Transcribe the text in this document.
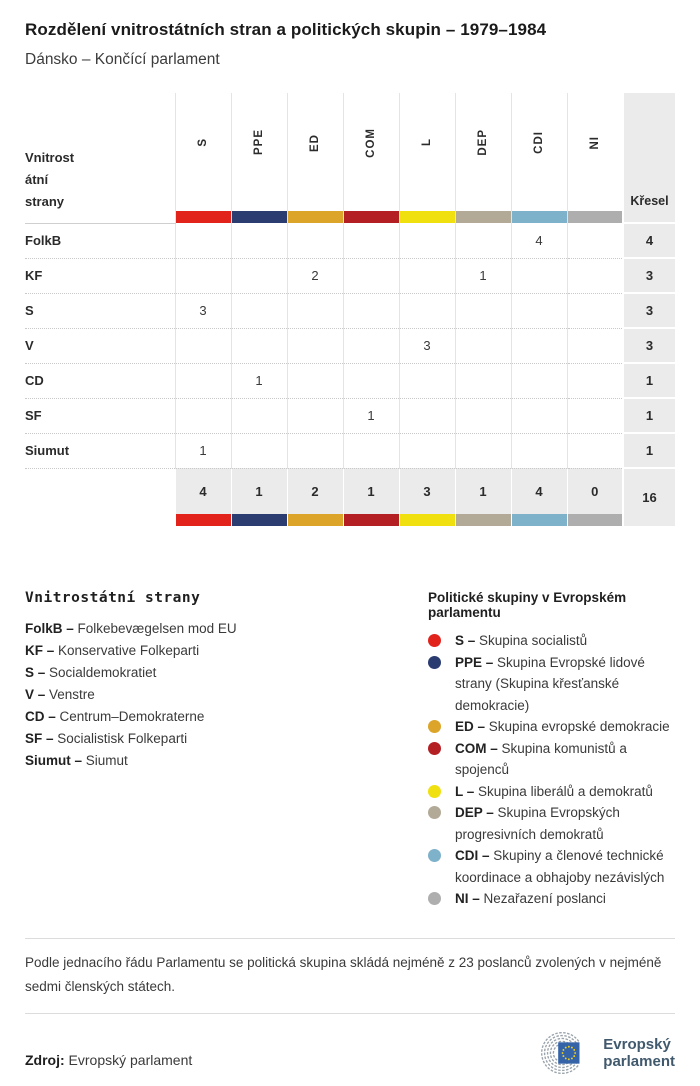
Rozdělení vnitrostátních stran a politických skupin – 1979–1984
Dánsko – Končící parlament
Vnitrost
átní
strany	S	PPE	ED	COM	L	DEP	CDI	NI	Křesel

FolkB							4		4
KF			2			1			3
S	3								3
V					3				3
CD		1							1
SF				1					1
Siumut	1								1
	4	1	2	1	3	1	4	0	16

Vnitrostátní strany
FolkB – Folkebevægelsen mod EU
KF – Konservative Folkeparti
S – Socialdemokratiet
V – Venstre
CD – Centrum–Demokraterne
SF – Socialistisk Folkeparti
Siumut – Siumut
Politické skupiny v Evropském parlamentu
S – Skupina socialistů
PPE – Skupina Evropské lidové strany (Skupina křesťanské demokracie)
ED – Skupina evropské demokracie
COM – Skupina komunistů a spojenců
L – Skupina liberálů a demokratů
DEP – Skupina Evropských progresivních demokratů
CDI – Skupiny a členové technické koordinace a obhajoby nezávislých
NI – Nezařazení poslanci
Podle jednacího řádu Parlamentu se politická skupina skládá nejméně z 23 poslanců zvolených v nejméně sedmi členských státech.
Zdroj: Evropský parlament
Evropský
parlament
